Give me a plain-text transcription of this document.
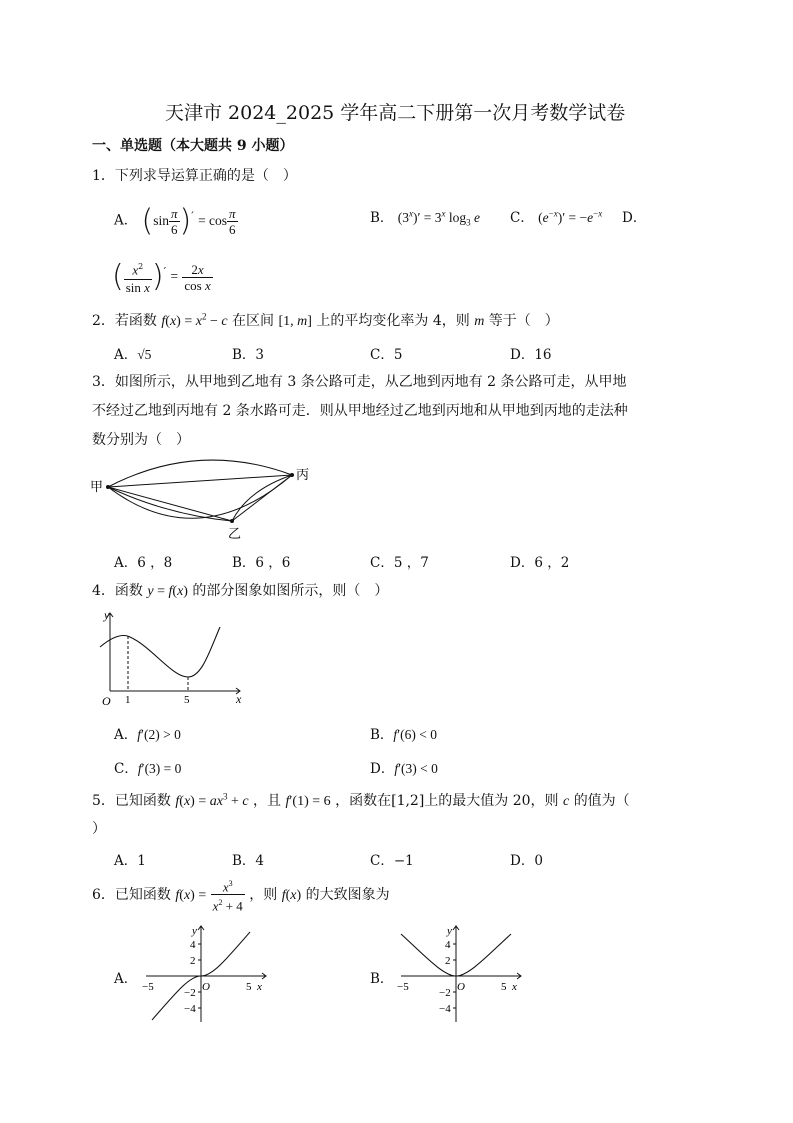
天津市 2024_2025 学年高二下册第一次月考数学试卷
一、单选题（本大题共 9 小题）
1．下列求导运算正确的是（　）
A． $(\sin \frac{\pi}{6} )' = \cos \frac{\pi}{6}$	B． $(3^x)' = 3^x$ $\log_3 e$ C． $(e^{-x})' = -e^{-x}$ D．
( $\frac{x^2}{\text{sin x}} )' = \frac{2x}{\text{cos x}}$
2．若函数 $f(x) = x^2 - c$ 在区间 [1, m] 上的平均变化率为 4，则 m 等于（　）
A．√5	B．3	C．5	D．16
3．如图所示，从甲地到乙地有 3 条公路可走，从乙地到丙地有 2 条公路可走，从甲地
不经过乙地到丙地有 2 条水路可走．则从甲地经过乙地到丙地和从甲地到丙地的走法种
数分别为（　）
甲
丙
乙
A．6 ，8	B．6 ，6	C．5 ，7	D．6 ，2
4．函数 y = f(x) 的部分图象如图所示，则（　）
y
x
O 1	5
A．f′(2) > 0	B．f′(6) < 0
C．f′(3) = 0	D．f′(3) < 0
5．已知函数 $f(x) = ax^3 + c$ ，且 f′(1) = 6 ，函数在[1,2]上的最大值为 20，则 c 的值为（
）
A．1	B．4	C．−1	D．0
6．已知函数 $f(x) = \frac{x^3}{x^2 + 4}$ ，则 f(x) 的大致图象为
A．
y
4
2
−2
−4
−5	5
O	x	B．
y
4
2
−2
−4
−5	5
O	x
